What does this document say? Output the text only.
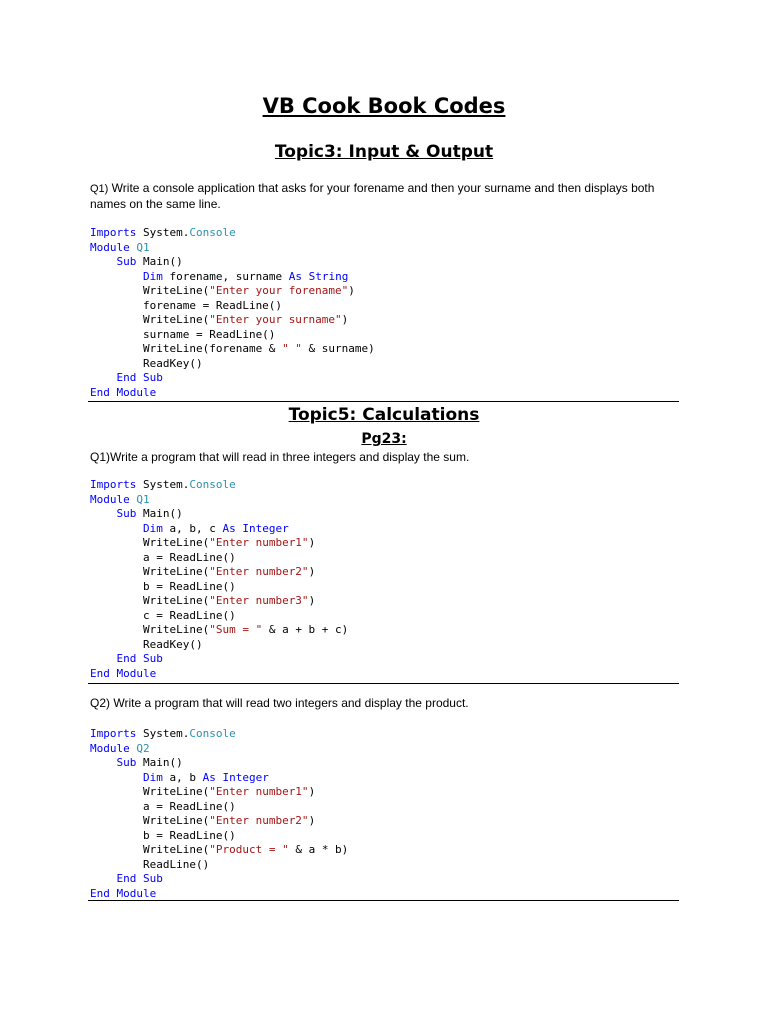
VB Cook Book Codes
Topic3: Input & Output

Q1) Write a console application that asks for your forename and then your surname and then displays both names on the same line.

Imports System.Console
Module Q1
Sub Main()
Dim forename, surname As String
WriteLine("Enter your forename")
forename = ReadLine()
WriteLine("Enter your surname")
surname = ReadLine()
WriteLine(forename & " " & surname)
ReadKey()
End Sub
End Module
Topic5: Calculations
Pg23:

Q1)Write a program that will read in three integers and display the sum.

Imports System.Console
Module Q1
Sub Main()
Dim a, b, c As Integer
WriteLine("Enter number1")
a = ReadLine()
WriteLine("Enter number2")
b = ReadLine()
WriteLine("Enter number3")
c = ReadLine()
WriteLine("Sum = " & a + b + c)
ReadKey()
End Sub
End Module

Q2) Write a program that will read two integers and display the product.

Imports System.Console
Module Q2
Sub Main()
Dim a, b As Integer
WriteLine("Enter number1")
a = ReadLine()
WriteLine("Enter number2")
b = ReadLine()
WriteLine("Product = " & a * b)
ReadLine()
End Sub
End Module
